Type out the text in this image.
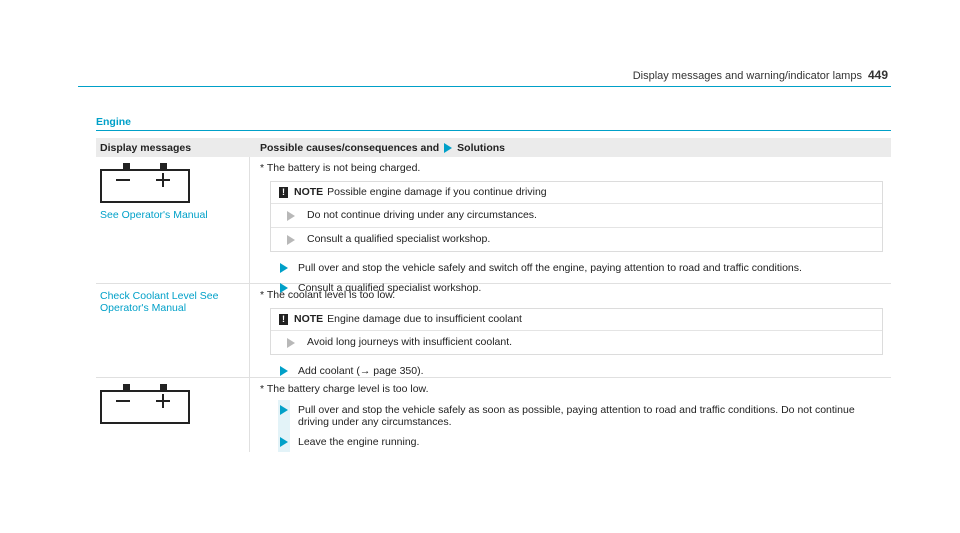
Display messages and warning/indicator lamps 449
Engine
Display messages	Possible causes/consequences and Solutions
See Operator's Manual
* The battery is not being charged.
! NOTE Possible engine damage if you continue driving
Do not continue driving under any circumstances.
Consult a qualified specialist workshop.
Pull over and stop the vehicle safely and switch off the engine, paying attention to road and traffic conditions.
Consult a qualified specialist workshop.
Check Coolant Level See Operator's Manual
* The coolant level is too low.
! NOTE Engine damage due to insufficient coolant
Avoid long journeys with insufficient coolant.
Add coolant (→ page 350).
* The battery charge level is too low.
Pull over and stop the vehicle safely as soon as possible, paying attention to road and traffic conditions. Do not continue driving under any circumstances.
Leave the engine running.
